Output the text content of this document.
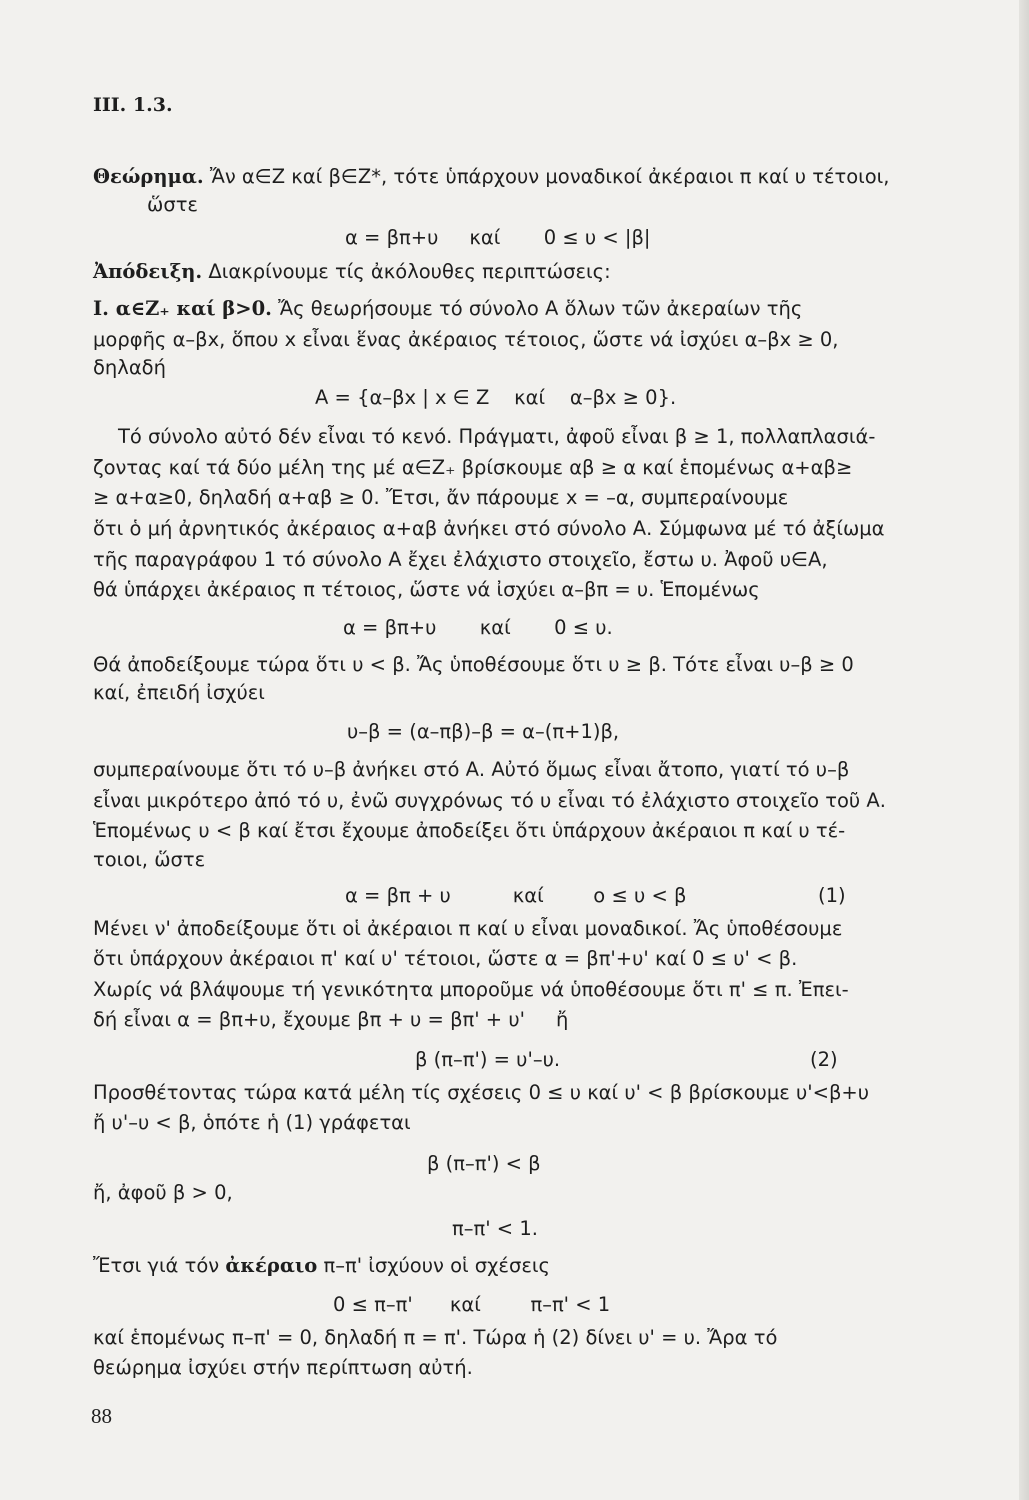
ΙΙΙ. 1.3.
Θεώρημα. Ἄν α∈Z καί β∈Z*, τότε ὑπάρχουν μοναδικοί ἀκέραιοι π καί υ τέτοιοι,
ὥστε
α = βπ+υ     καί       0 ≤ υ < |β|
Ἀπόδειξη. Διακρίνουμε τίς ἀκόλουθες περιπτώσεις:
Ι. α∈Z₊ καί β>0. Ἄς θεωρήσουμε τό σύνολο Α ὅλων τῶν ἀκεραίων τῆς
μορφῆς α–βx, ὅπου x εἶναι ἕνας ἀκέραιος τέτοιος, ὥστε νά ἰσχύει α–βx ≥ 0,
δηλαδή
Α = {α–βx | x ∈ Z    καί    α–βx ≥ 0}.
Τό σύνολο αὐτό δέν εἶναι τό κενό. Πράγματι, ἀφοῦ εἶναι β ≥ 1, πολλαπλασιά-
ζοντας καί τά δύο μέλη της μέ α∈Z₊ βρίσκουμε αβ ≥ α καί ἑπομένως α+αβ≥
≥ α+α≥0, δηλαδή α+αβ ≥ 0. Ἔτσι, ἄν πάρουμε x = –α, συμπεραίνουμε
ὅτι ὁ μή ἀρνητικός ἀκέραιος α+αβ ἀνήκει στό σύνολο Α. Σύμφωνα μέ τό ἀξίωμα
τῆς παραγράφου 1 τό σύνολο Α ἔχει ἐλάχιστο στοιχεῖο, ἔστω υ. Ἀφοῦ υ∈Α,
θά ὑπάρχει ἀκέραιος π τέτοιος, ὥστε νά ἰσχύει α–βπ = υ. Ἑπομένως
α = βπ+υ       καί       0 ≤ υ.
Θά ἀποδείξουμε τώρα ὅτι υ < β. Ἄς ὑποθέσουμε ὅτι υ ≥ β. Τότε εἶναι υ–β ≥ 0
καί, ἐπειδή ἰσχύει
υ–β = (α–πβ)–β = α–(π+1)β,
συμπεραίνουμε ὅτι τό υ–β ἀνήκει στό Α. Αὐτό ὅμως εἶναι ἄτοπο, γιατί τό υ–β
εἶναι μικρότερο ἀπό τό υ, ἐνῶ συγχρόνως τό υ εἶναι τό ἐλάχιστο στοιχεῖο τοῦ Α.
Ἑπομένως υ < β καί ἔτσι ἔχουμε ἀποδείξει ὅτι ὑπάρχουν ἀκέραιοι π καί υ τέ-
τοιοι, ὥστε
α = βπ + υ          καί        ο ≤ υ < β	(1)
Μένει ν' ἀποδείξουμε ὅτι οἱ ἀκέραιοι π καί υ εἶναι μοναδικοί. Ἄς ὑποθέσουμε
ὅτι ὑπάρχουν ἀκέραιοι π' καί υ' τέτοιοι, ὥστε α = βπ'+υ' καί 0 ≤ υ' < β.
Χωρίς νά βλάψουμε τή γενικότητα μποροῦμε νά ὑποθέσουμε ὅτι π' ≤ π. Ἐπει-
δή εἶναι α = βπ+υ, ἔχουμε βπ + υ = βπ' + υ'     ἤ
β (π–π') = υ'–υ.	(2)
Προσθέτοντας τώρα κατά μέλη τίς σχέσεις 0 ≤ υ καί υ' < β βρίσκουμε υ'<β+υ
ἤ υ'–υ < β, ὁπότε ἡ (1) γράφεται
β (π–π') < β
ἤ, ἀφοῦ β > 0,
π–π' < 1.
Ἔτσι γιά τόν ἀκέραιο π–π' ἰσχύουν οἱ σχέσεις
0 ≤ π–π'      καί        π–π' < 1
καί ἑπομένως π–π' = 0, δηλαδή π = π'. Τώρα ἡ (2) δίνει υ' = υ. Ἄρα τό
θεώρημα ἰσχύει στήν περίπτωση αὐτή.
88
